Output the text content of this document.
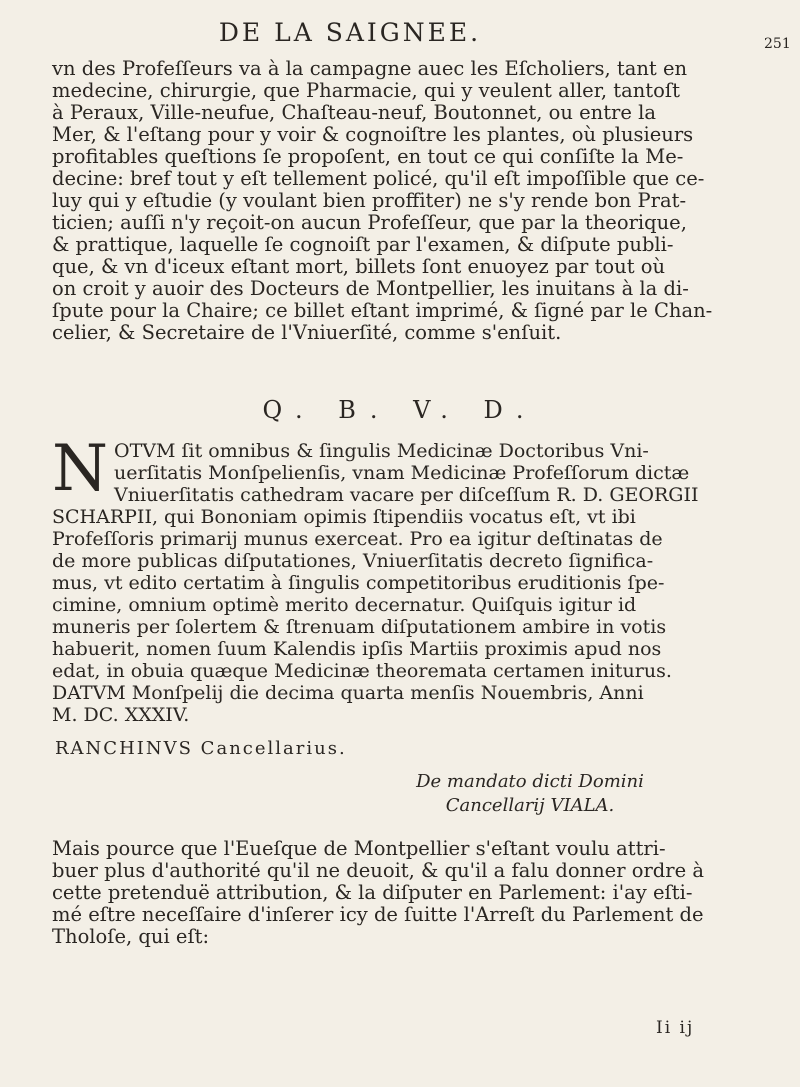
DE LA SAIGNEE.	251

vn des Profeſſeurs va à la campagne auec les Eſcholiers, tant en
medecine, chirurgie, que Pharmacie, qui y veulent aller, tantoſt
à Peraux, Ville-neufue, Chaſteau-neuf, Boutonnet, ou entre la
Mer, & l'eſtang pour y voir & cognoiſtre les plantes, où plusieurs
profitables queſtions ſe propoſent, en tout ce qui conſiſte la Me-
decine: bref tout y eſt tellement policé, qu'il eſt impoſſible que ce-
luy qui y eſtudie (y voulant bien proffiter) ne s'y rende bon Prat-
ticien; auſſi n'y reçoit-on aucun Profeſſeur, que par la theorique,
& prattique, laquelle ſe cognoiſt par l'examen, & diſpute publi-
que, & vn d'iceux eſtant mort, billets ſont enuoyez par tout où
on croit y auoir des Docteurs de Montpellier, les inuitans à la di-
ſpute pour la Chaire; ce billet eſtant imprimé, & ſigné par le Chan-
celier, & Secretaire de l'Vniuerſité, comme s'enſuit.

Q. B. V. D.

N OTVM ſit omnibus & ſingulis Medicinæ Doctoribus Vni-
uerſitatis Monſpelienſis, vnam Medicinæ Profeſſorum dictæ
Vniuerſitatis cathedram vacare per diſceſſum R. D. GEORGII
SCHARPII, qui Bononiam opimis ſtipendiis vocatus eſt, vt ibi
Profeſſoris primarij munus exerceat. Pro ea igitur deſtinatas de
de more publicas diſputationes, Vniuerſitatis decreto ſignifica-
mus, vt edito certatim à ſingulis competitoribus eruditionis ſpe-
cimine, omnium optimè merito decernatur. Quiſquis igitur id
muneris per ſolertem & ſtrenuam diſputationem ambire in votis
habuerit, nomen ſuum Kalendis ipſis Martiis proximis apud nos
edat, in obuia quæque Medicinæ theoremata certamen initurus.
DATVM Monſpelij die decima quarta menſis Nouembris, Anni
M. DC. XXXIV.

RANCHINVS Cancellarius.
De mandato dicti Domini
Cancellarij VIALA.

Mais pource que l'Eueſque de Montpellier s'eſtant voulu attri-
buer plus d'authorité qu'il ne deuoit, & qu'il a falu donner ordre à
cette pretenduë attribution, & la diſputer en Parlement: i'ay eſti-
mé eſtre neceſſaire d'inſerer icy de ſuitte l'Arreſt du Parlement de
Tholoſe, qui eſt:

Ii ij
